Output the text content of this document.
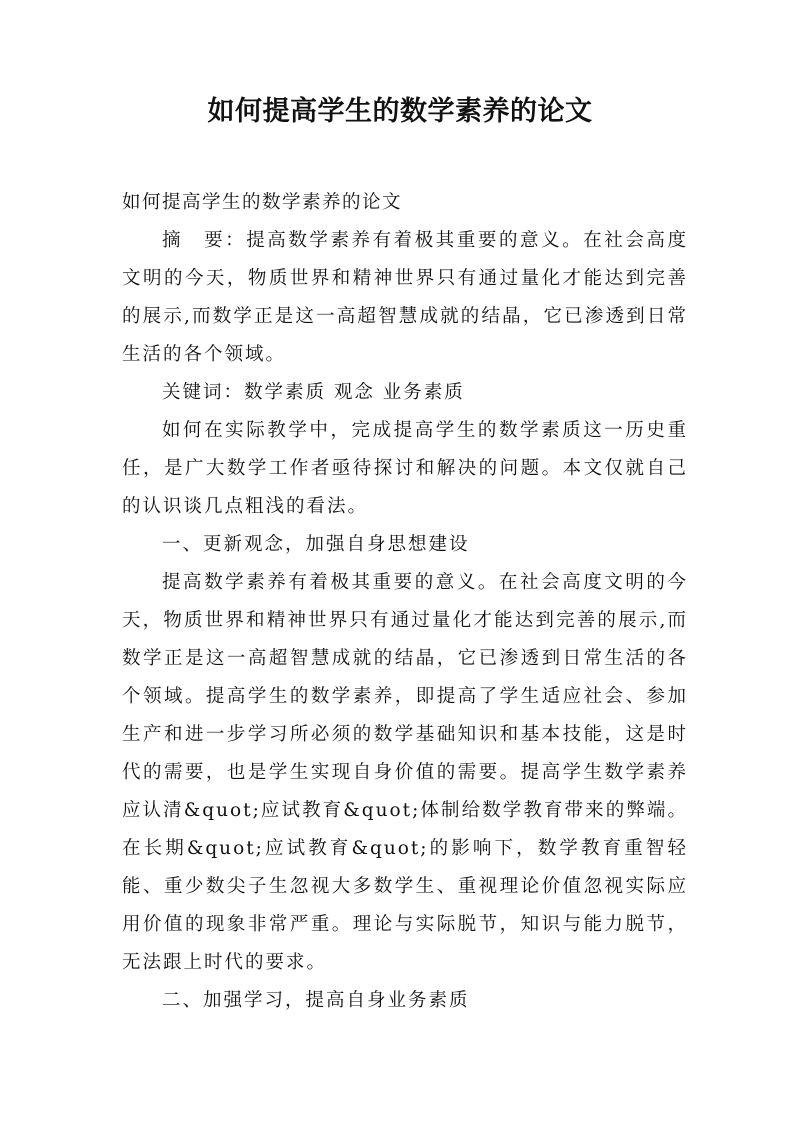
如何提高学生的数学素养的论文

如何提高学生的数学素养的论文

摘　要：提高数学素养有着极其重要的意义。在社会高度文明的今天，物质世界和精神世界只有通过量化才能达到完善的展示,而数学正是这一高超智慧成就的结晶，它已渗透到日常生活的各个领域。

关键词：数学素质 观念 业务素质

如何在实际教学中，完成提高学生的数学素质这一历史重任，是广大数学工作者亟待探讨和解决的问题。本文仅就自己的认识谈几点粗浅的看法。

一、更新观念，加强自身思想建设

提高数学素养有着极其重要的意义。在社会高度文明的今天，物质世界和精神世界只有通过量化才能达到完善的展示,而数学正是这一高超智慧成就的结晶，它已渗透到日常生活的各个领域。提高学生的数学素养，即提高了学生适应社会、参加生产和进一步学习所必须的数学基础知识和基本技能，这是时代的需要，也是学生实现自身价值的需要。提高学生数学素养应认清&quot;应试教育&quot;体制给数学教育带来的弊端。在长期&quot;应试教育&quot;的影响下，数学教育重智轻能、重少数尖子生忽视大多数学生、重视理论价值忽视实际应用价值的现象非常严重。理论与实际脱节，知识与能力脱节，无法跟上时代的要求。

二、加强学习，提高自身业务素质
